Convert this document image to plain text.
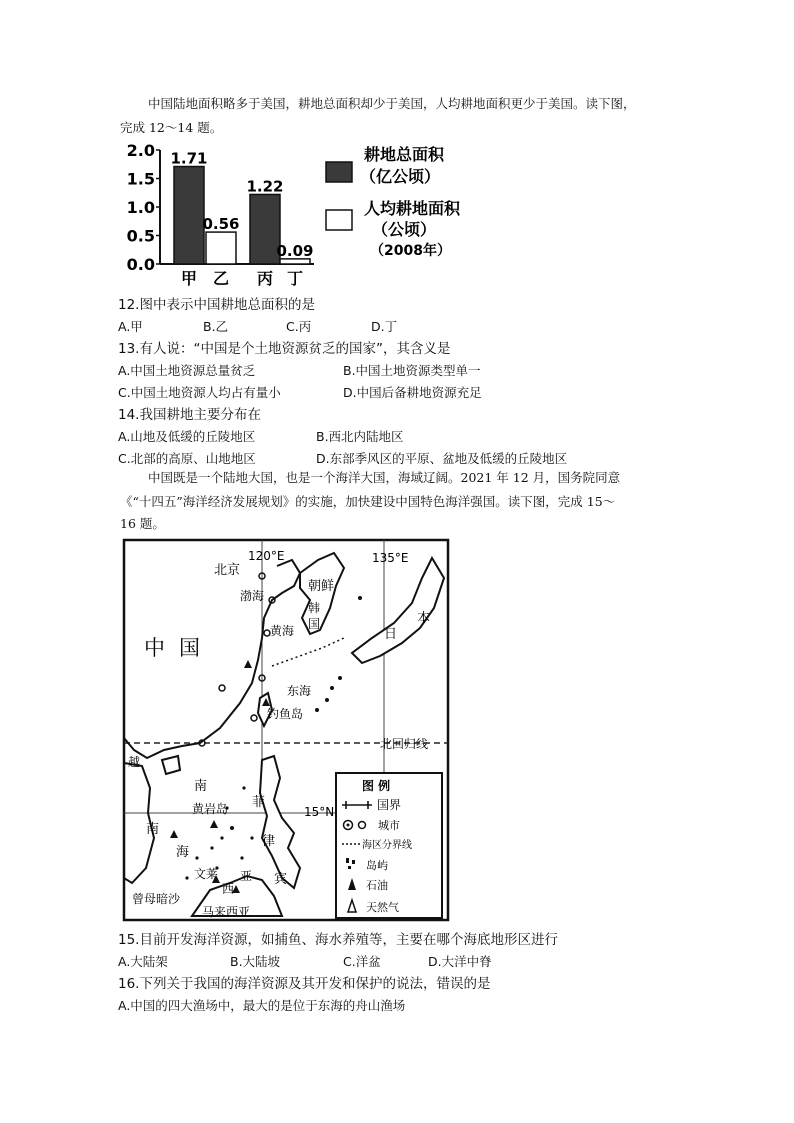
中国陆地面积略多于美国，耕地总面积却少于美国，人均耕地面积更少于美国。读下图，
完成 12～14 题。
0.0
0.5
1.0
1.5
2.0 1.71
甲
0.56
乙
1.22
丙
0.09
丁
耕地总面积
（亿公顷）
人均耕地面积
（公顷）
（2008年）
12.图中表示中国耕地总面积的是
A.甲	B.乙	C.丙	D.丁
13.有人说：“中国是个土地资源贫乏的国家”，其含义是
A.中国土地资源总量贫乏	B.中国土地资源类型单一
C.中国土地资源人均占有量小	D.中国后备耕地资源充足
14.我国耕地主要分布在
A.山地及低缓的丘陵地区	B.西北内陆地区
C.北部的高原、山地地区	D.东部季风区的平原、盆地及低缓的丘陵地区
中国既是一个陆地大国，也是一个海洋大国，海域辽阔。2021 年 12 月，国务院同意
《“十四五”海洋经济发展规划》的实施，加快建设中国特色海洋强国。读下图，完成 15～
16 题。
120°E	135°E
北京
渤海
朝鲜
韩
国
黄海
中国
东海
钓鱼岛
日
本
北回归线
越
南
黄岩岛 菲
15°N
南
海
律
宾
文莱
西
亚
曾母暗沙
马来西亚
图 例
国界
城市
海区分界线
岛屿
石油
天然气
15.目前开发海洋资源，如捕鱼、海水养殖等，主要在哪个海底地形区进行
A.大陆架	B.大陆坡	C.洋盆	D.大洋中脊
16.下列关于我国的海洋资源及其开发和保护的说法，错误的是
A.中国的四大渔场中，最大的是位于东海的舟山渔场
